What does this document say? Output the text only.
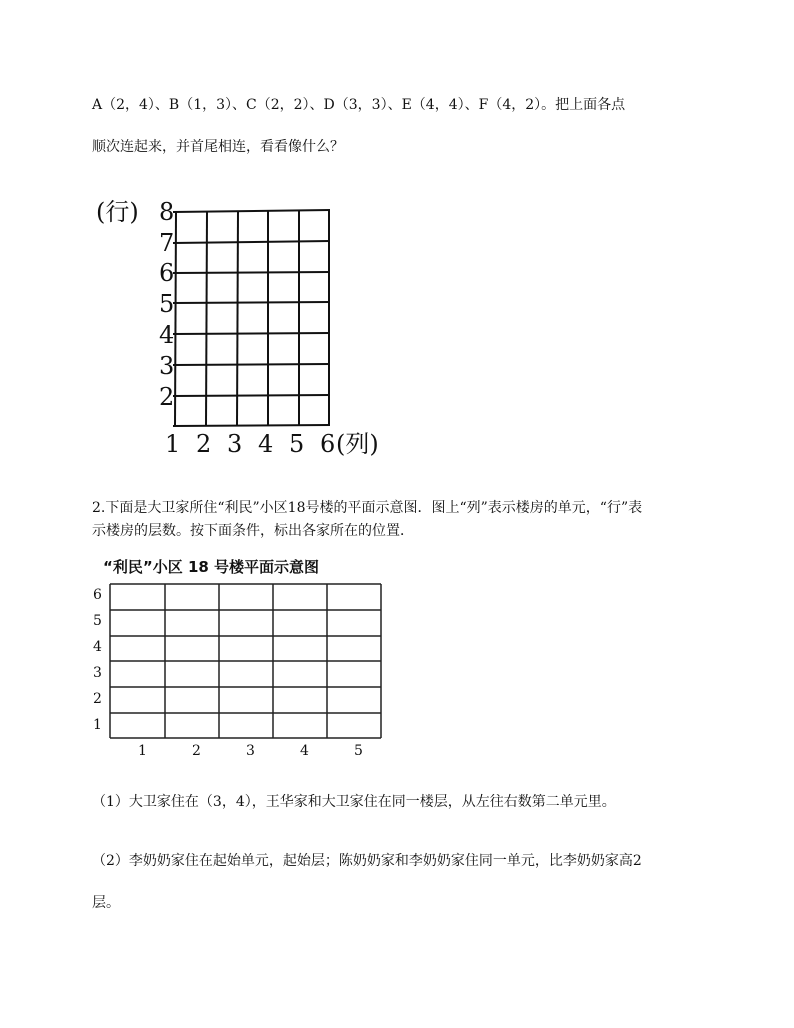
A（2，4）、B（1，3）、C（2，2）、D（3，3）、E（4，4）、F（4，2）。把上面各点
顺次连起来，并首尾相连，看看像什么？
(行) 8
7
6
5
4
3
2
1 2 3 4 5 6 (列)
2.下面是大卫家所住“利民”小区18号楼的平面示意图．图上“列”表示楼房的单元，“行”表
示楼房的层数。按下面条件，标出各家所在的位置．
“利民”小区 18 号楼平面示意图
6
5
4
3
2
1
1	2	3	4	5
（1）大卫家住在（3，4），王华家和大卫家住在同一楼层，从左往右数第二单元里。
（2）李奶奶家住在起始单元，起始层；陈奶奶家和李奶奶家住同一单元，比李奶奶家高2
层。
